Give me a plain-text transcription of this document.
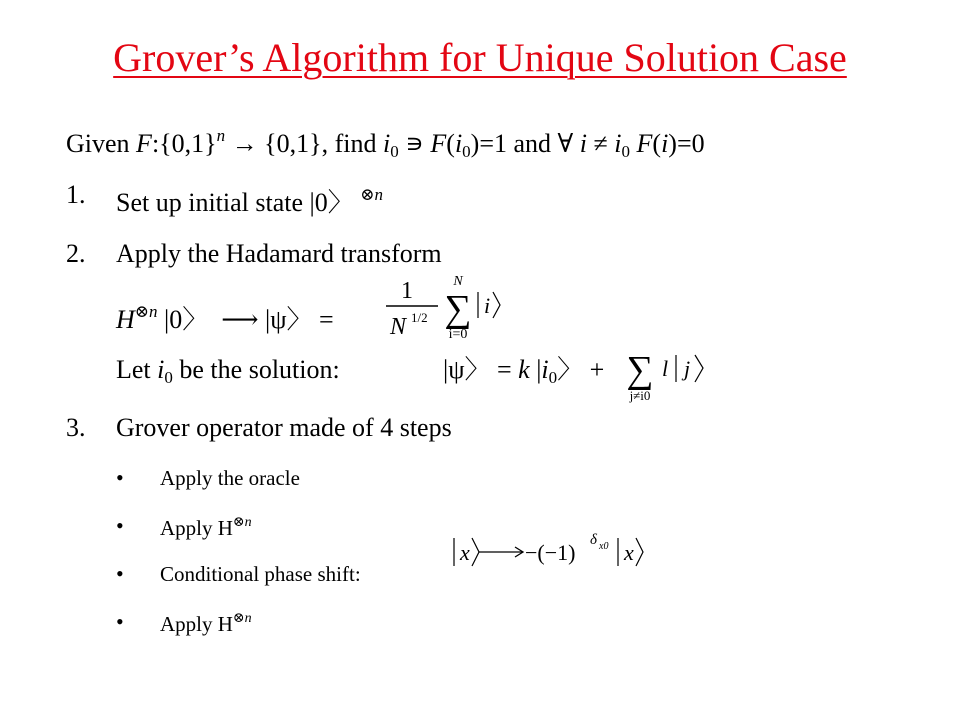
Grover’s Algorithm for Unique Solution Case
Given $F:\{0,1\}^n \to \{0,1\}$, find $i_0$ ∍ $F(i_0)=1$ and ∀ $i \ne i_0$ F(i)=0
1. Set up initial state |0〉 $^{\otimes n}$
2. Apply the Hadamard transform
$H^{\otimes n}$ |0〉 ⟶ |ψ〉 =
1
N 1/2
N
∑
i=0
i
Let $i_0$ be the solution:	|ψ〉 = k $|i_0$〉 + ∑
j≠i0
l j
3. Grover operator made of 4 steps
• Apply the oracle
• Apply $H^{\otimes n}$
• Conditional phase shift:
• Apply $H^{\otimes n}$
x	−(−1) δ x0 x
